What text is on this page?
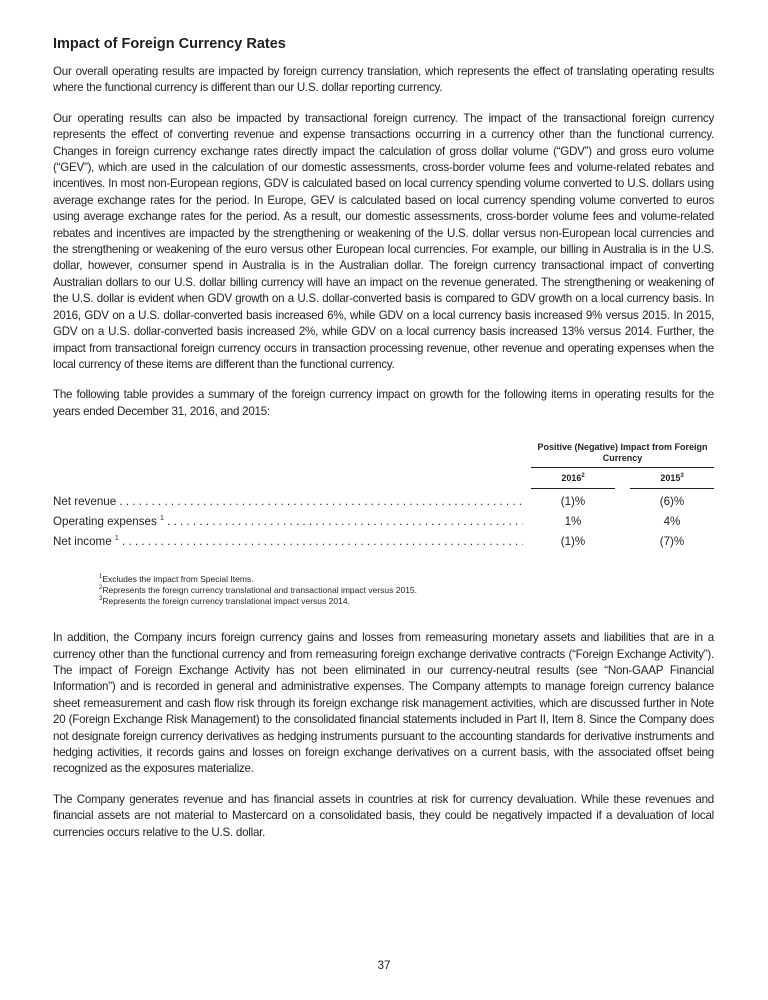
Impact of Foreign Currency Rates

Our overall operating results are impacted by foreign currency translation, which represents the effect of translating operating results where the functional currency is different than our U.S. dollar reporting currency.

Our operating results can also be impacted by transactional foreign currency. The impact of the transactional foreign currency represents the effect of converting revenue and expense transactions occurring in a currency other than the functional currency. Changes in foreign currency exchange rates directly impact the calculation of gross dollar volume (“GDV”) and gross euro volume (“GEV”), which are used in the calculation of our domestic assessments, cross-border volume fees and volume-related rebates and incentives. In most non-European regions, GDV is calculated based on local currency spending volume converted to U.S. dollars using average exchange rates for the period. In Europe, GEV is calculated based on local currency spending volume converted to euros using average exchange rates for the period. As a result, our domestic assessments, cross-border volume fees and volume-related rebates and incentives are impacted by the strengthening or weakening of the U.S. dollar versus non-European local currencies and the strengthening or weakening of the euro versus other European local currencies. For example, our billing in Australia is in the U.S. dollar, however, consumer spend in Australia is in the Australian dollar. The foreign currency transactional impact of converting Australian dollars to our U.S. dollar billing currency will have an impact on the revenue generated. The strengthening or weakening of the U.S. dollar is evident when GDV growth on a U.S. dollar-converted basis is compared to GDV growth on a local currency basis. In 2016, GDV on a U.S. dollar-converted basis increased 6%, while GDV on a local currency basis increased 9% versus 2015. In 2015, GDV on a U.S. dollar-converted basis increased 2%, while GDV on a local currency basis increased 13% versus 2014. Further, the impact from transactional foreign currency occurs in transaction processing revenue, other revenue and operating expenses when the local currency of these items are different than the functional currency.

The following table provides a summary of the foreign currency impact on growth for the following items in operating results for the years ended December 31, 2016, and 2015:

Positive (Negative) Impact from Foreign Currency
2016$^2$	2015$^3$
Net revenue . . .	(1)%	(6)%
Operating expenses $^1$ . . .	1%	4%
Net income $^1$ . . .	(1)%	(7)%
$^1$Excludes the impact from Special Items.
$^2$Represents the foreign currency translational and transactional impact versus 2015.
$^3$Represents the foreign currency translational impact versus 2014.

In addition, the Company incurs foreign currency gains and losses from remeasuring monetary assets and liabilities that are in a currency other than the functional currency and from remeasuring foreign exchange derivative contracts (“Foreign Exchange Activity”). The impact of Foreign Exchange Activity has not been eliminated in our currency-neutral results (see “Non-GAAP Financial Information”) and is recorded in general and administrative expenses. The Company attempts to manage foreign currency balance sheet remeasurement and cash flow risk through its foreign exchange risk management activities, which are discussed further in Note 20 (Foreign Exchange Risk Management) to the consolidated financial statements included in Part II, Item 8. Since the Company does not designate foreign currency derivatives as hedging instruments pursuant to the accounting standards for derivative instruments and hedging activities, it records gains and losses on foreign exchange derivatives on a current basis, with the associated offset being recognized as the exposures materialize.

The Company generates revenue and has financial assets in countries at risk for currency devaluation. While these revenues and financial assets are not material to Mastercard on a consolidated basis, they could be negatively impacted if a devaluation of local currencies occurs relative to the U.S. dollar.

37
